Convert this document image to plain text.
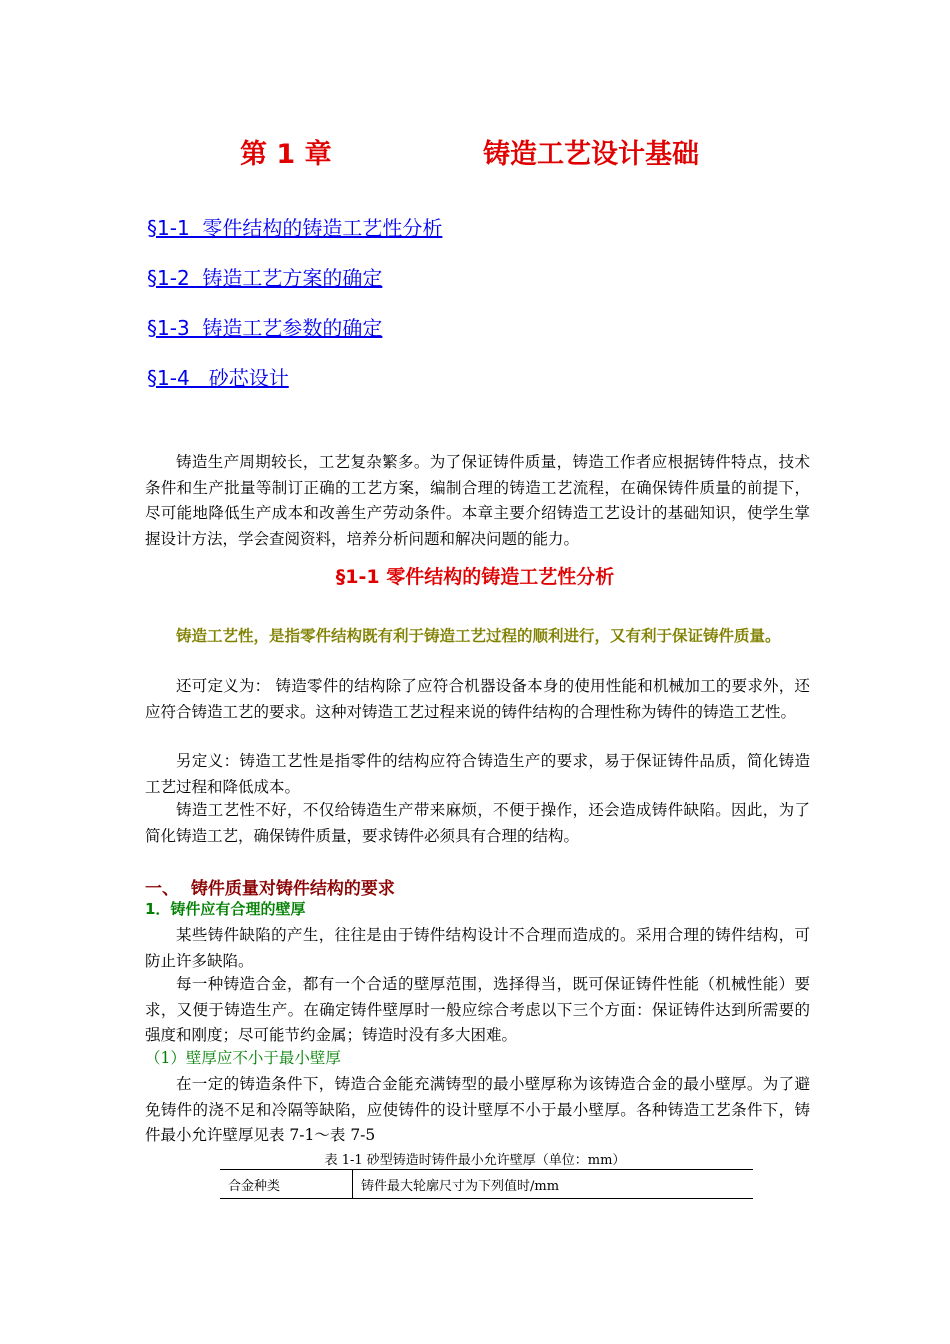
第 1 章	铸造工艺设计基础
§1-1  零件结构的铸造工艺性分析
§1-2  铸造工艺方案的确定
§1-3  铸造工艺参数的确定
§1-4   砂芯设计
铸造生产周期较长，工艺复杂繁多。为了保证铸件质量，铸造工作者应根据铸件特点，技术条件和生产批量等制订正确的工艺方案，编制合理的铸造工艺流程，在确保铸件质量的前提下，尽可能地降低生产成本和改善生产劳动条件。本章主要介绍铸造工艺设计的基础知识，使学生掌握设计方法，学会查阅资料，培养分析问题和解决问题的能力。
§1-1 零件结构的铸造工艺性分析
铸造工艺性，是指零件结构既有利于铸造工艺过程的顺利进行，又有利于保证铸件质量。
还可定义为： 铸造零件的结构除了应符合机器设备本身的使用性能和机械加工的要求外，还应符合铸造工艺的要求。这种对铸造工艺过程来说的铸件结构的合理性称为铸件的铸造工艺性。
另定义：铸造工艺性是指零件的结构应符合铸造生产的要求，易于保证铸件品质，简化铸造工艺过程和降低成本。
铸造工艺性不好，不仅给铸造生产带来麻烦，不便于操作，还会造成铸件缺陷。因此，为了简化铸造工艺，确保铸件质量，要求铸件必须具有合理的结构。
一、  铸件质量对铸件结构的要求
1．铸件应有合理的壁厚
某些铸件缺陷的产生，往往是由于铸件结构设计不合理而造成的。采用合理的铸件结构，可防止许多缺陷。
每一种铸造合金，都有一个合适的壁厚范围，选择得当，既可保证铸件性能（机械性能）要求，又便于铸造生产。在确定铸件壁厚时一般应综合考虑以下三个方面：保证铸件达到所需要的强度和刚度；尽可能节约金属；铸造时没有多大困难。
（1）壁厚应不小于最小壁厚
在一定的铸造条件下，铸造合金能充满铸型的最小壁厚称为该铸造合金的最小壁厚。为了避免铸件的浇不足和冷隔等缺陷，应使铸件的设计壁厚不小于最小壁厚。各种铸造工艺条件下，铸件最小允许壁厚见表 7-1～表 7-5
表 1-1 砂型铸造时铸件最小允许壁厚（单位：mm）
合金种类	铸件最大轮廓尺寸为下列值时/mm
